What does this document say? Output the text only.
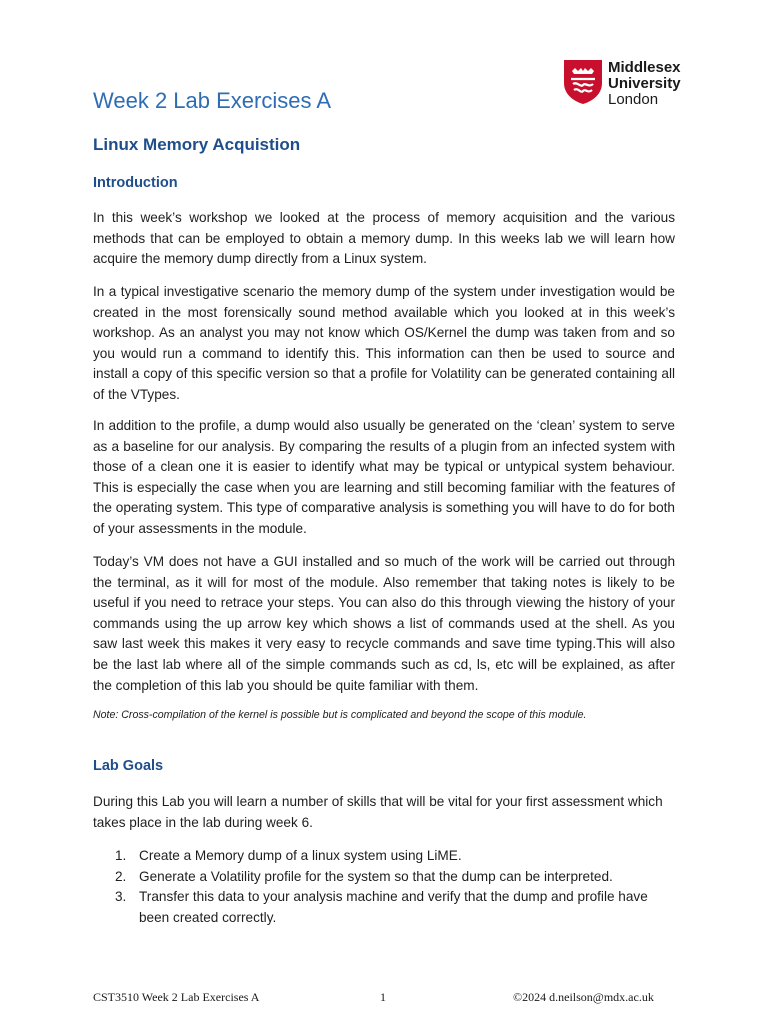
Middlesex
University
London
Week 2 Lab Exercises A
Linux Memory Acquistion
Introduction

In this week’s workshop we looked at the process of memory acquisition and the various methods that can be employed to obtain a memory dump. In this weeks lab we will learn how acquire the memory dump directly from a Linux system.

In a typical investigative scenario the memory dump of the system under investigation would be created in the most forensically sound method available which you looked at in this week’s workshop. As an analyst you may not know which OS/Kernel the dump was taken from and so you would run a command to identify this. This information can then be used to source and install a copy of this specific version so that a profile for Volatility can be generated containing all of the VTypes.

In addition to the profile, a dump would also usually be generated on the ‘clean’ system to serve as a baseline for our analysis. By comparing the results of a plugin from an infected system with those of a clean one it is easier to identify what may be typical or untypical system behaviour. This is especially the case when you are learning and still becoming familiar with the features of the operating system. This type of comparative analysis is something you will have to do for both of your assessments in the module.

Today’s VM does not have a GUI installed and so much of the work will be carried out through the terminal, as it will for most of the module. Also remember that taking notes is likely to be useful if you need to retrace your steps. You can also do this through viewing the history of your commands using the up arrow key which shows a list of commands used at the shell. As you saw last week this makes it very easy to recycle commands and save time typing.This will also be the last lab where all of the simple commands such as cd, ls, etc will be explained, as after the completion of this lab you should be quite familiar with them.

Note: Cross-compilation of the kernel is possible but is complicated and beyond the scope of this module.
Lab Goals

During this Lab you will learn a number of skills that will be vital for your first assessment which takes place in the lab during week 6.

1. Create a Memory dump of a linux system using LiME.
2. Generate a Volatility profile for the system so that the dump can be interpreted.
3. Transfer this data to your analysis machine and verify that the dump and profile have been created correctly.
CST3510 Week 2 Lab Exercises A	1	©2024 d.neilson@mdx.ac.uk
